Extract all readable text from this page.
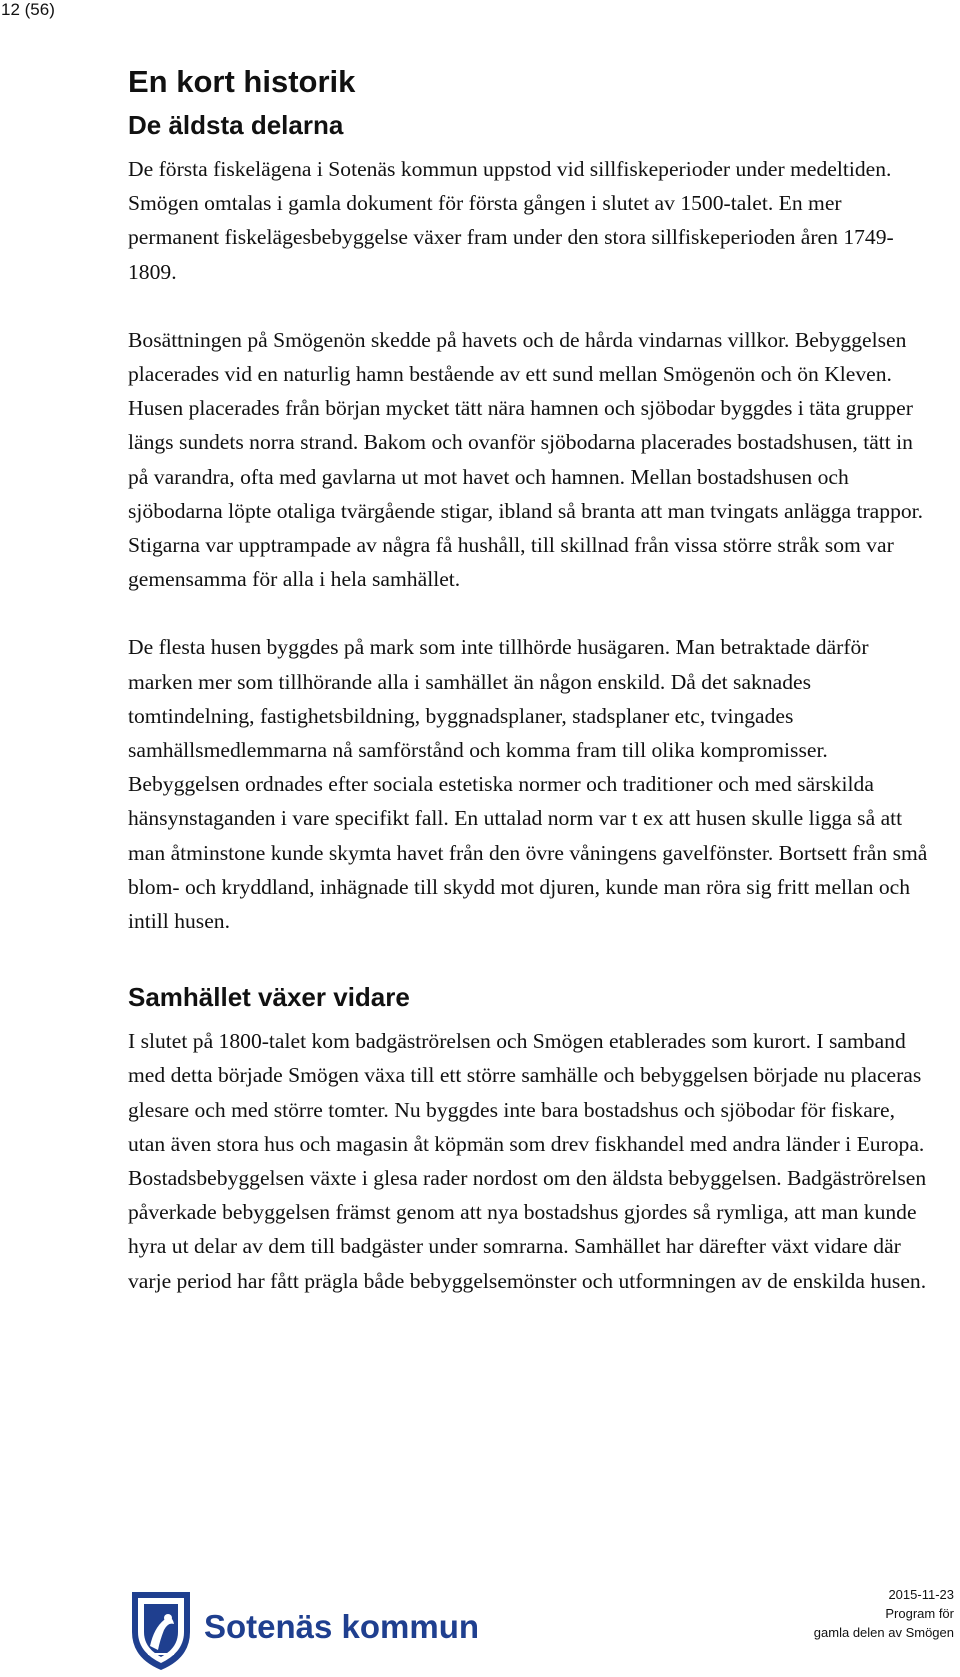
12 (56)
En kort historik
De äldsta delarna

De första fiskelägena i Sotenäs kommun uppstod vid sillfiskeperioder under medeltiden. Smögen omtalas i gamla dokument för första gången i slutet av 1500-talet. En mer permanent fiskelägesbebyggelse växer fram under den stora sillfiskeperioden åren 1749-1809.

Bosättningen på Smögenön skedde på havets och de hårda vindarnas villkor. Bebyggelsen placerades vid en naturlig hamn bestående av ett sund mellan Smögenön och ön Kleven. Husen placerades från början mycket tätt nära hamnen och sjöbodar byggdes i täta grupper längs sundets norra strand. Bakom och ovanför sjöbodarna placerades bostadshusen, tätt in på varandra, ofta med gavlarna ut mot havet och hamnen. Mellan bostadshusen och sjöbodarna löpte otaliga tvärgående stigar, ibland så branta att man tvingats anlägga trappor. Stigarna var upptrampade av några få hushåll, till skillnad från vissa större stråk som var gemensamma för alla i hela samhället.

De flesta husen byggdes på mark som inte tillhörde husägaren. Man betraktade därför marken mer som tillhörande alla i samhället än någon enskild. Då det saknades tomtindelning, fastighetsbildning, byggnadsplaner, stadsplaner etc, tvingades samhällsmedlemmarna nå samförstånd och komma fram till olika kompromisser. Bebyggelsen ordnades efter sociala estetiska normer och traditioner och med särskilda hänsynstaganden i vare specifikt fall. En uttalad norm var t ex att husen skulle ligga så att man åtminstone kunde skymta havet från den övre våningens gavelfönster. Bortsett från små blom- och kryddland, inhägnade till skydd mot djuren, kunde man röra sig fritt mellan och intill husen.

Samhället växer vidare

I slutet på 1800-talet kom badgäströrelsen och Smögen etablerades som kurort. I samband med detta började Smögen växa till ett större samhälle och bebyggelsen började nu placeras glesare och med större tomter. Nu byggdes inte bara bostadshus och sjöbodar för fiskare, utan även stora hus och magasin åt köpmän som drev fiskhandel med andra länder i Europa. Bostadsbebyggelsen växte i glesa rader nordost om den äldsta bebyggelsen. Badgäströrelsen påverkade bebyggelsen främst genom att nya bostadshus gjordes så rymliga, att man kunde hyra ut delar av dem till badgäster under somrarna. Samhället har därefter växt vidare där varje period har fått prägla både bebyggelsemönster och utformningen av de enskilda husen.

Sotenäs kommun
2015-11-23
Program för
gamla delen av Smögen
